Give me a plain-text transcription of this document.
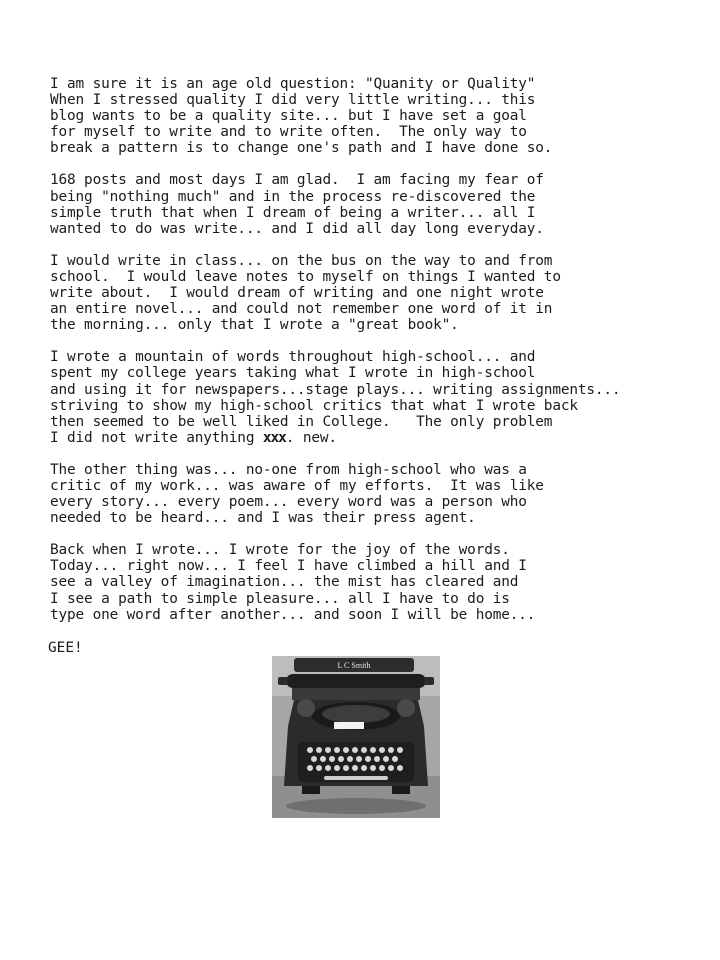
I am sure it is an age old question: "Quanity or Quality"
When I stressed quality I did very little writing... this
blog wants to be a quality site... but I have set a goal
for myself to write and to write often.  The only way to
break a pattern is to change one's path and I have done so.
168 posts and most days I am glad.  I am facing my fear of
being "nothing much" and in the process re-discovered the
simple truth that when I dream of being a writer... all I
wanted to do was write... and I did all day long everyday.
I would write in class... on the bus on the way to and from
school.  I would leave notes to myself on things I wanted to
write about.  I would dream of writing and one night wrote
an entire novel... and could not remember one word of it in
the morning... only that I wrote a "great book".
I wrote a mountain of words throughout high-school... and
spent my college years taking what I wrote in high-school
and using it for newspapers...stage plays... writing assignments...
striving to show my high-school critics that what I wrote back
then seemed to be well liked in College.   The only problem
I did not write anything xxx. new.
The other thing was... no-one from high-school who was a
critic of my work... was aware of my efforts.  It was like
every story... every poem... every word was a person who
needed to be heard... and I was their press agent.
Back when I wrote... I wrote for the joy of the words.
Today... right now... I feel I have climbed a hill and I
see a valley of imagination... the mist has cleared and
I see a path to simple pleasure... all I have to do is
type one word after another... and soon I will be home...
GEE!
L C Smith
